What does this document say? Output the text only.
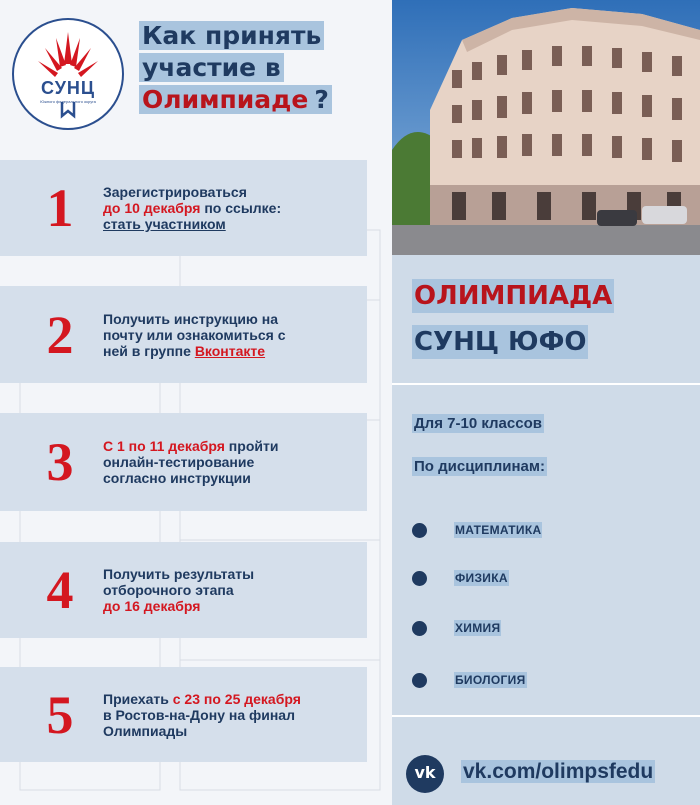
СУНЦ
Южного федерального округа
Как принять
участие в
Олимпиаде ?
1	Зарегистрироваться
до 10 декабря по ссылке:
стать участником
2	Получить инструкцию на
почту или ознакомиться с
ней в группе Вконтакте
3	С 1 по 11 декабря пройти
онлайн-тестирование
согласно инструкции
4	Получить результаты
отборочного этапа
до 16 декабря
5	Приехать с 23 по 25 декабря
в Ростов-на-Дону на финал
Олимпиады
ОЛИМПИАДА
СУНЦ ЮФО
Для 7-10 классов
По дисциплинам:
МАТЕМАТИКА
ФИЗИКА
ХИМИЯ
БИОЛОГИЯ
vk	vk.com/olimpsfedu
